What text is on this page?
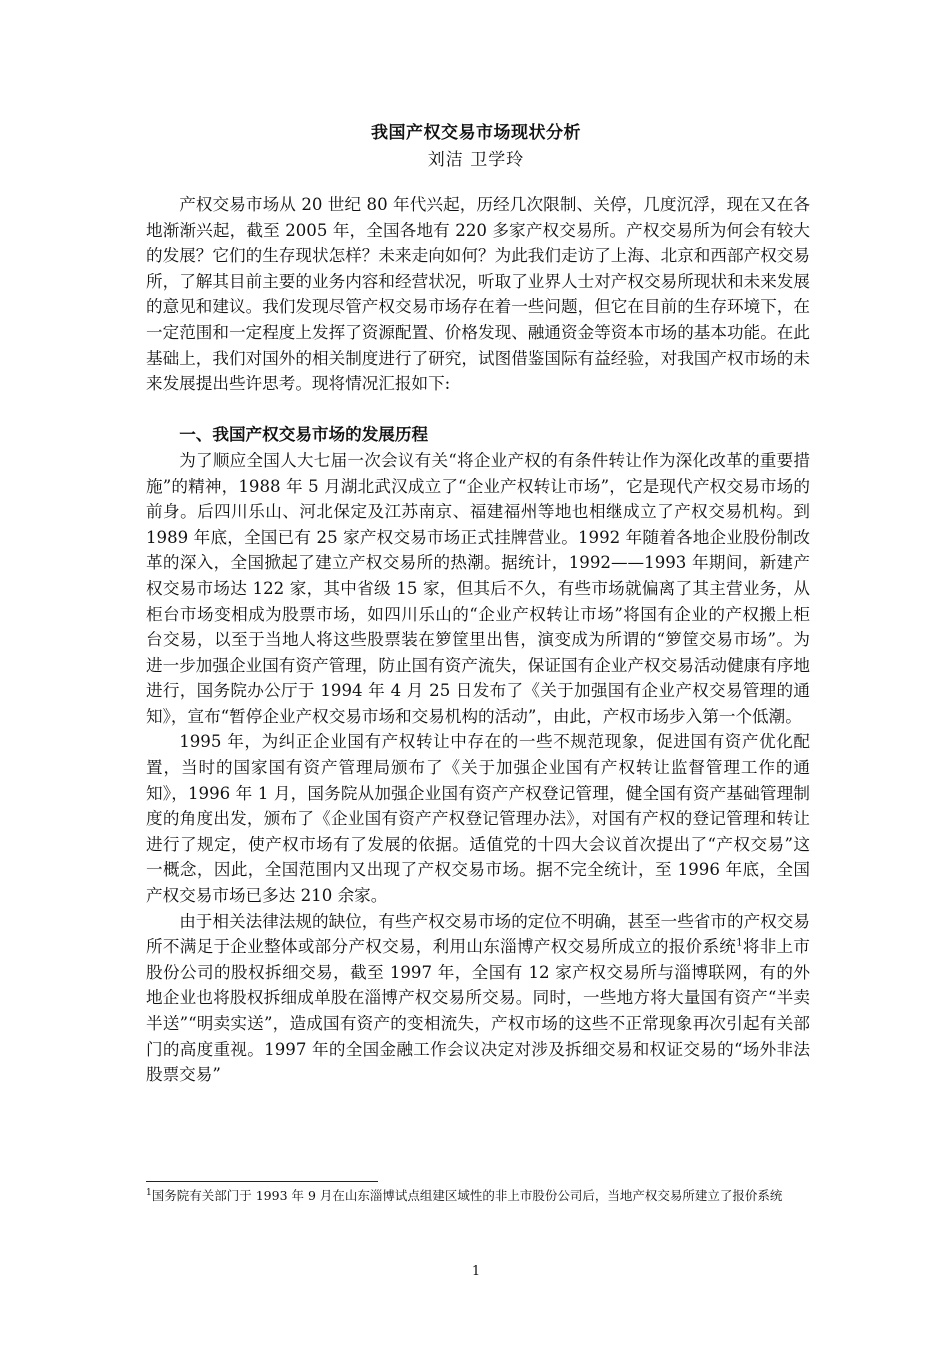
我国产权交易市场现状分析
刘洁 卫学玲

产权交易市场从 20 世纪 80 年代兴起，历经几次限制、关停，几度沉浮，现在又在各地渐渐兴起，截至 2005 年，全国各地有 220 多家产权交易所。产权交易所为何会有较大的发展？它们的生存现状怎样？未来走向如何？为此我们走访了上海、北京和西部产权交易所，了解其目前主要的业务内容和经营状况，听取了业界人士对产权交易所现状和未来发展的意见和建议。我们发现尽管产权交易市场存在着一些问题，但它在目前的生存环境下，在一定范围和一定程度上发挥了资源配置、价格发现、融通资金等资本市场的基本功能。在此基础上，我们对国外的相关制度进行了研究，试图借鉴国际有益经验，对我国产权市场的未来发展提出些许思考。现将情况汇报如下:

一、我国产权交易市场的发展历程

为了顺应全国人大七届一次会议有关“将企业产权的有条件转让作为深化改革的重要措施”的精神，1988 年 5 月湖北武汉成立了“企业产权转让市场”，它是现代产权交易市场的前身。后四川乐山、河北保定及江苏南京、福建福州等地也相继成立了产权交易机构。到 1989 年底，全国已有 25 家产权交易市场正式挂牌营业。1992 年随着各地企业股份制改革的深入，全国掀起了建立产权交易所的热潮。据统计，1992——1993 年期间，新建产权交易市场达 122 家，其中省级 15 家，但其后不久，有些市场就偏离了其主营业务，从柜台市场变相成为股票市场，如四川乐山的“企业产权转让市场”将国有企业的产权搬上柜台交易，以至于当地人将这些股票装在箩筐里出售，演变成为所谓的“箩筐交易市场”。为进一步加强企业国有资产管理，防止国有资产流失，保证国有企业产权交易活动健康有序地进行，国务院办公厅于 1994 年 4 月 25 日发布了《关于加强国有企业产权交易管理的通知》，宣布“暂停企业产权交易市场和交易机构的活动”，由此，产权市场步入第一个低潮。

1995 年，为纠正企业国有产权转让中存在的一些不规范现象，促进国有资产优化配置，当时的国家国有资产管理局颁布了《关于加强企业国有产权转让监督管理工作的通知》，1996 年 1 月，国务院从加强企业国有资产产权登记管理，健全国有资产基础管理制度的角度出发，颁布了《企业国有资产产权登记管理办法》，对国有产权的登记管理和转让进行了规定，使产权市场有了发展的依据。适值党的十四大会议首次提出了“产权交易”这一概念，因此，全国范围内又出现了产权交易市场。据不完全统计，至 1996 年底，全国产权交易市场已多达 210 余家。

由于相关法律法规的缺位，有些产权交易市场的定位不明确，甚至一些省市的产权交易所不满足于企业整体或部分产权交易，利用山东淄博产权交易所成立的报价系统$^1$将非上市股份公司的股权拆细交易，截至 1997 年，全国有 12 家产权交易所与淄博联网，有的外地企业也将股权拆细成单股在淄博产权交易所交易。同时，一些地方将大量国有资产“半卖半送”“明卖实送”，造成国有资产的变相流失，产权市场的这些不正常现象再次引起有关部门的高度重视。1997 年的全国金融工作会议决定对涉及拆细交易和权证交易的“场外非法股票交易”

$^1$国务院有关部门于 1993 年 9 月在山东淄博试点组建区域性的非上市股份公司后，当地产权交易所建立了报价系统
1
